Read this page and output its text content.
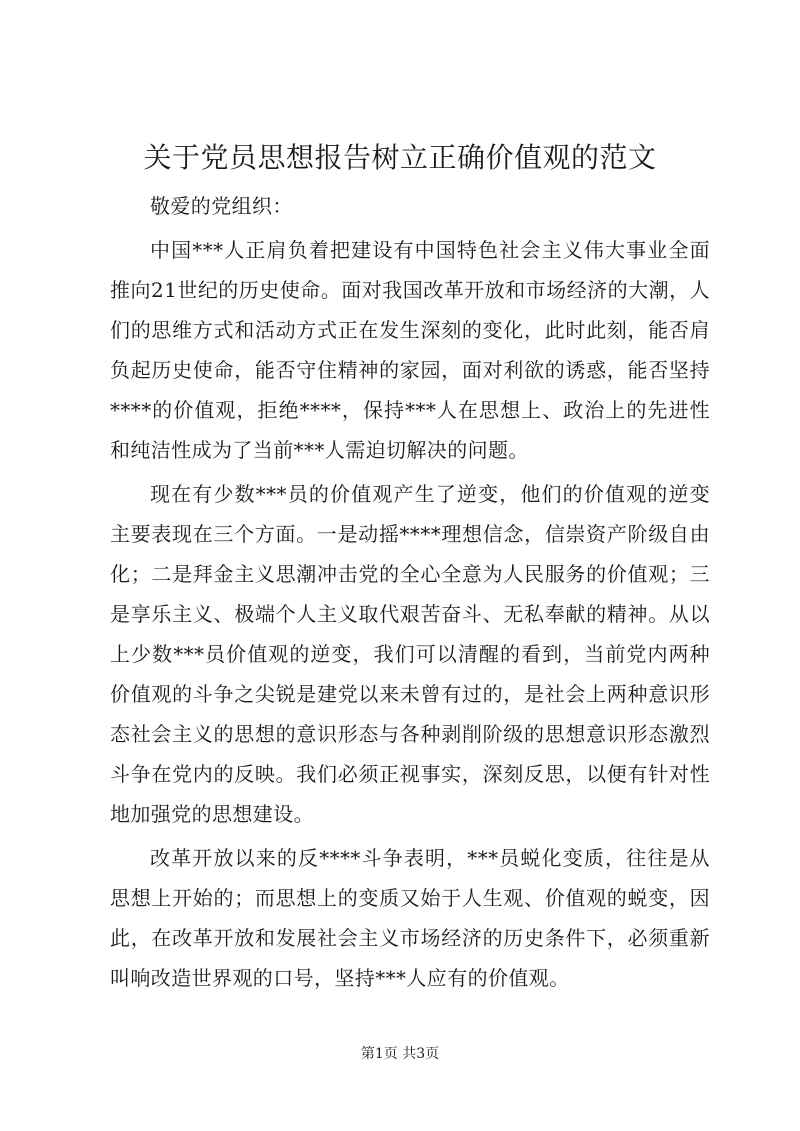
关于党员思想报告树立正确价值观的范文

敬爱的党组织：

中国***人正肩负着把建设有中国特色社会主义伟大事业全面推向21世纪的历史使命。面对我国改革开放和市场经济的大潮，人们的思维方式和活动方式正在发生深刻的变化，此时此刻，能否肩负起历史使命，能否守住精神的家园，面对利欲的诱惑，能否坚持****的价值观，拒绝****，保持***人在思想上、政治上的先进性和纯洁性成为了当前***人需迫切解决的问题。

现在有少数***员的价值观产生了逆变，他们的价值观的逆变主要表现在三个方面。一是动摇****理想信念，信崇资产阶级自由化；二是拜金主义思潮冲击党的全心全意为人民服务的价值观；三是享乐主义、极端个人主义取代艰苦奋斗、无私奉献的精神。从以上少数***员价值观的逆变，我们可以清醒的看到，当前党内两种价值观的斗争之尖锐是建党以来未曾有过的，是社会上两种意识形态社会主义的思想的意识形态与各种剥削阶级的思想意识形态激烈斗争在党内的反映。我们必须正视事实，深刻反思，以便有针对性地加强党的思想建设。

改革开放以来的反****斗争表明，***员蜕化变质，往往是从思想上开始的；而思想上的变质又始于人生观、价值观的蜕变，因此，在改革开放和发展社会主义市场经济的历史条件下，必须重新叫响改造世界观的口号，坚持***人应有的价值观。

第1页 共3页
